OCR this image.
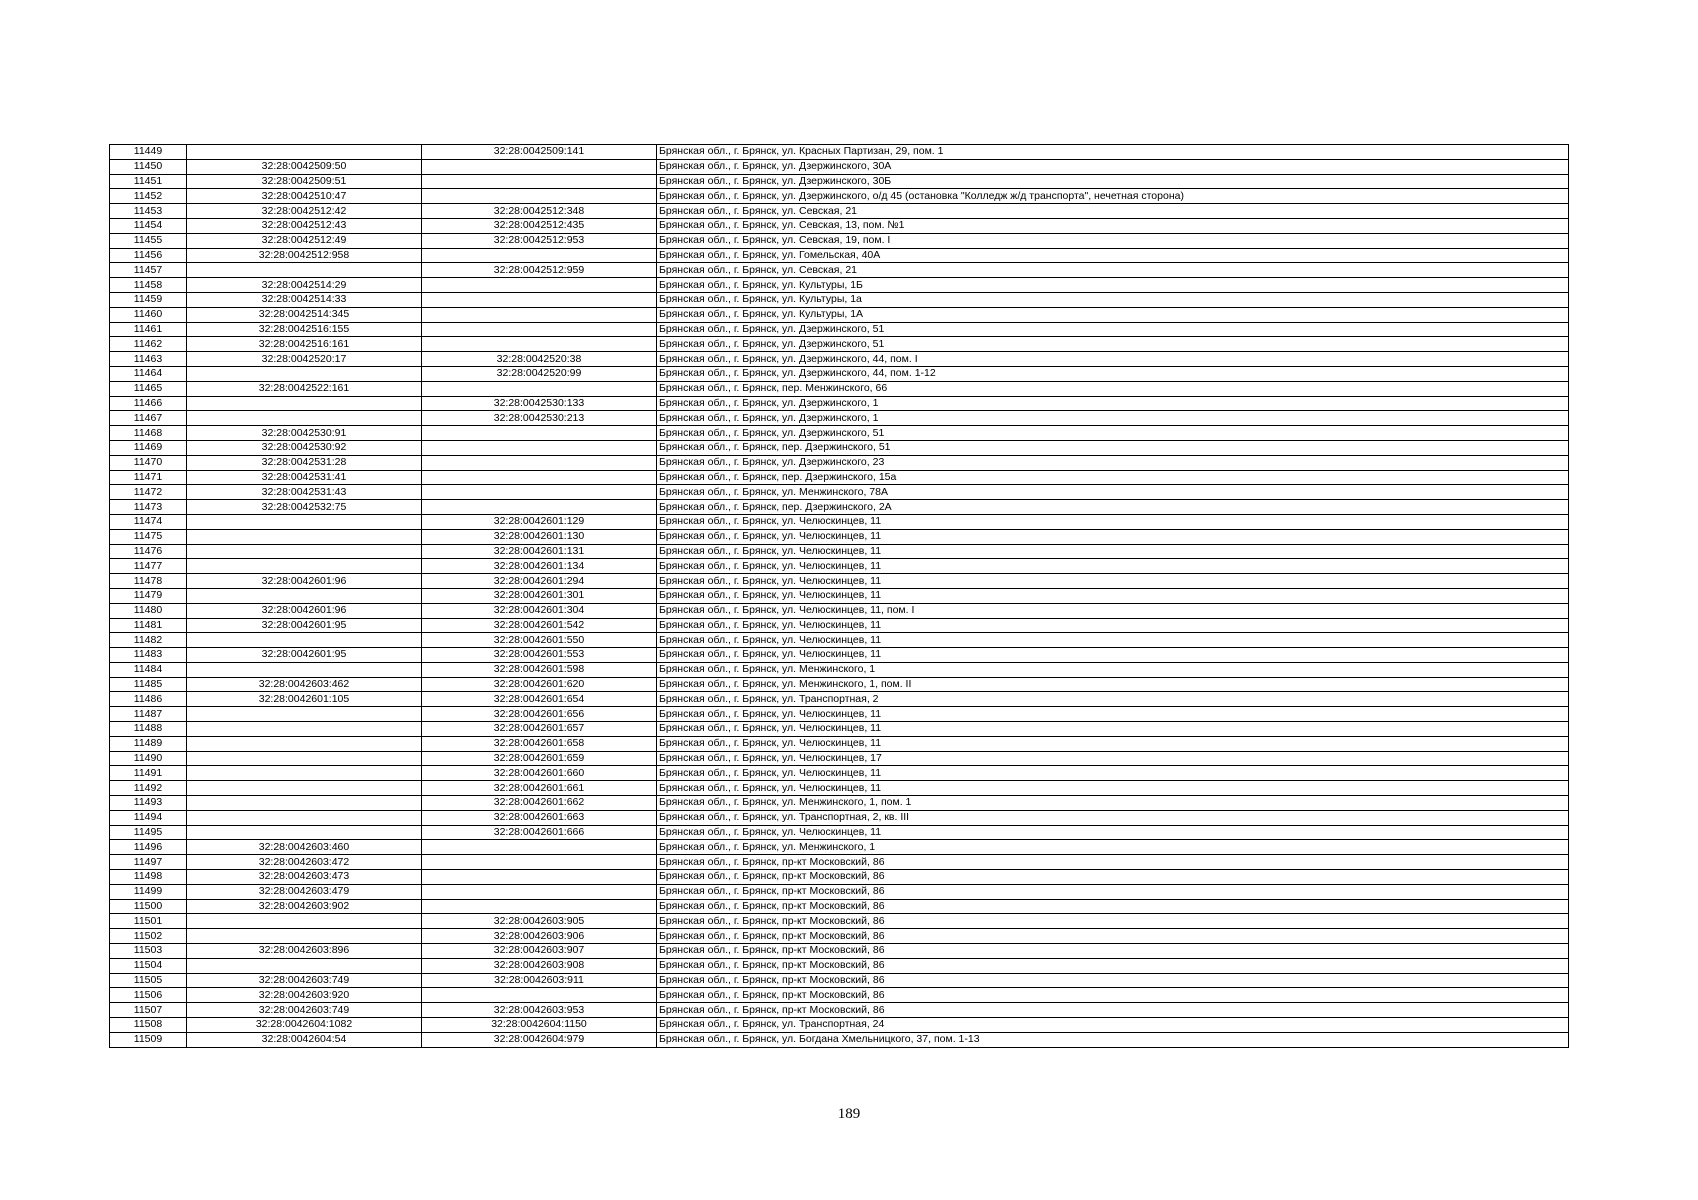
11449		32:28:0042509:141	Брянская обл., г. Брянск, ул. Красных Партизан, 29, пом. 1
11450	32:28:0042509:50		Брянская обл., г. Брянск, ул. Дзержинского, 30А
11451	32:28:0042509:51		Брянская обл., г. Брянск, ул. Дзержинского, 30Б
11452	32:28:0042510:47		Брянская обл., г. Брянск, ул. Дзержинского, о/д 45 (остановка "Колледж ж/д транспорта", нечетная сторона)
11453	32:28:0042512:42	32:28:0042512:348	Брянская обл., г. Брянск, ул. Севская, 21
11454	32:28:0042512:43	32:28:0042512:435	Брянская обл., г. Брянск, ул. Севская, 13, пом. №1
11455	32:28:0042512:49	32:28:0042512:953	Брянская обл., г. Брянск, ул. Севская, 19, пом. I
11456	32:28:0042512:958		Брянская обл., г. Брянск, ул. Гомельская, 40А
11457		32:28:0042512:959	Брянская обл., г. Брянск, ул. Севская, 21
11458	32:28:0042514:29		Брянская обл., г. Брянск, ул. Культуры, 1Б
11459	32:28:0042514:33		Брянская обл., г. Брянск, ул. Культуры, 1а
11460	32:28:0042514:345		Брянская обл., г. Брянск, ул. Культуры, 1А
11461	32:28:0042516:155		Брянская обл., г. Брянск, ул. Дзержинского, 51
11462	32:28:0042516:161		Брянская обл., г. Брянск, ул. Дзержинского, 51
11463	32:28:0042520:17	32:28:0042520:38	Брянская обл., г. Брянск, ул. Дзержинского, 44, пом. I
11464		32:28:0042520:99	Брянская обл., г. Брянск, ул. Дзержинского, 44, пом. 1-12
11465	32:28:0042522:161		Брянская обл., г. Брянск, пер. Менжинского, 66
11466		32:28:0042530:133	Брянская обл., г. Брянск, ул. Дзержинского, 1
11467		32:28:0042530:213	Брянская обл., г. Брянск, ул. Дзержинского, 1
11468	32:28:0042530:91		Брянская обл., г. Брянск, ул. Дзержинского, 51
11469	32:28:0042530:92		Брянская обл., г. Брянск, пер. Дзержинского, 51
11470	32:28:0042531:28		Брянская обл., г. Брянск, ул. Дзержинского, 23
11471	32:28:0042531:41		Брянская обл., г. Брянск, пер. Дзержинского, 15а
11472	32:28:0042531:43		Брянская обл., г. Брянск, ул. Менжинского, 78А
11473	32:28:0042532:75		Брянская обл., г. Брянск, пер. Дзержинского, 2А
11474		32:28:0042601:129	Брянская обл., г. Брянск, ул. Челюскинцев, 11
11475		32:28:0042601:130	Брянская обл., г. Брянск, ул. Челюскинцев, 11
11476		32:28:0042601:131	Брянская обл., г. Брянск, ул. Челюскинцев, 11
11477		32:28:0042601:134	Брянская обл., г. Брянск, ул. Челюскинцев, 11
11478	32:28:0042601:96	32:28:0042601:294	Брянская обл., г. Брянск, ул. Челюскинцев, 11
11479		32:28:0042601:301	Брянская обл., г. Брянск, ул. Челюскинцев, 11
11480	32:28:0042601:96	32:28:0042601:304	Брянская обл., г. Брянск, ул. Челюскинцев, 11, пом. I
11481	32:28:0042601:95	32:28:0042601:542	Брянская обл., г. Брянск, ул. Челюскинцев, 11
11482		32:28:0042601:550	Брянская обл., г. Брянск, ул. Челюскинцев, 11
11483	32:28:0042601:95	32:28:0042601:553	Брянская обл., г. Брянск, ул. Челюскинцев, 11
11484		32:28:0042601:598	Брянская обл., г. Брянск, ул. Менжинского, 1
11485	32:28:0042603:462	32:28:0042601:620	Брянская обл., г. Брянск, ул. Менжинского, 1, пом. II
11486	32:28:0042601:105	32:28:0042601:654	Брянская обл., г. Брянск, ул. Транспортная, 2
11487		32:28:0042601:656	Брянская обл., г. Брянск, ул. Челюскинцев, 11
11488		32:28:0042601:657	Брянская обл., г. Брянск, ул. Челюскинцев, 11
11489		32:28:0042601:658	Брянская обл., г. Брянск, ул. Челюскинцев, 11
11490		32:28:0042601:659	Брянская обл., г. Брянск, ул. Челюскинцев, 17
11491		32:28:0042601:660	Брянская обл., г. Брянск, ул. Челюскинцев, 11
11492		32:28:0042601:661	Брянская обл., г. Брянск, ул. Челюскинцев, 11
11493		32:28:0042601:662	Брянская обл., г. Брянск, ул. Менжинского, 1, пом. 1
11494		32:28:0042601:663	Брянская обл., г. Брянск, ул. Транспортная, 2, кв. III
11495		32:28:0042601:666	Брянская обл., г. Брянск, ул. Челюскинцев, 11
11496	32:28:0042603:460		Брянская обл., г. Брянск, ул. Менжинского, 1
11497	32:28:0042603:472		Брянская обл., г. Брянск, пр-кт Московский, 86
11498	32:28:0042603:473		Брянская обл., г. Брянск, пр-кт Московский, 86
11499	32:28:0042603:479		Брянская обл., г. Брянск, пр-кт Московский, 86
11500	32:28:0042603:902		Брянская обл., г. Брянск, пр-кт Московский, 86
11501		32:28:0042603:905	Брянская обл., г. Брянск, пр-кт Московский, 86
11502		32:28:0042603:906	Брянская обл., г. Брянск, пр-кт Московский, 86
11503	32:28:0042603:896	32:28:0042603:907	Брянская обл., г. Брянск, пр-кт Московский, 86
11504		32:28:0042603:908	Брянская обл., г. Брянск, пр-кт Московский, 86
11505	32:28:0042603:749	32:28:0042603:911	Брянская обл., г. Брянск, пр-кт Московский, 86
11506	32:28:0042603:920		Брянская обл., г. Брянск, пр-кт Московский, 86
11507	32:28:0042603:749	32:28:0042603:953	Брянская обл., г. Брянск, пр-кт Московский, 86
11508	32:28:0042604:1082	32:28:0042604:1150	Брянская обл., г. Брянск, ул. Транспортная, 24
11509	32:28:0042604:54	32:28:0042604:979	Брянская обл., г. Брянск, ул. Богдана Хмельницкого, 37, пом. 1-13
189
